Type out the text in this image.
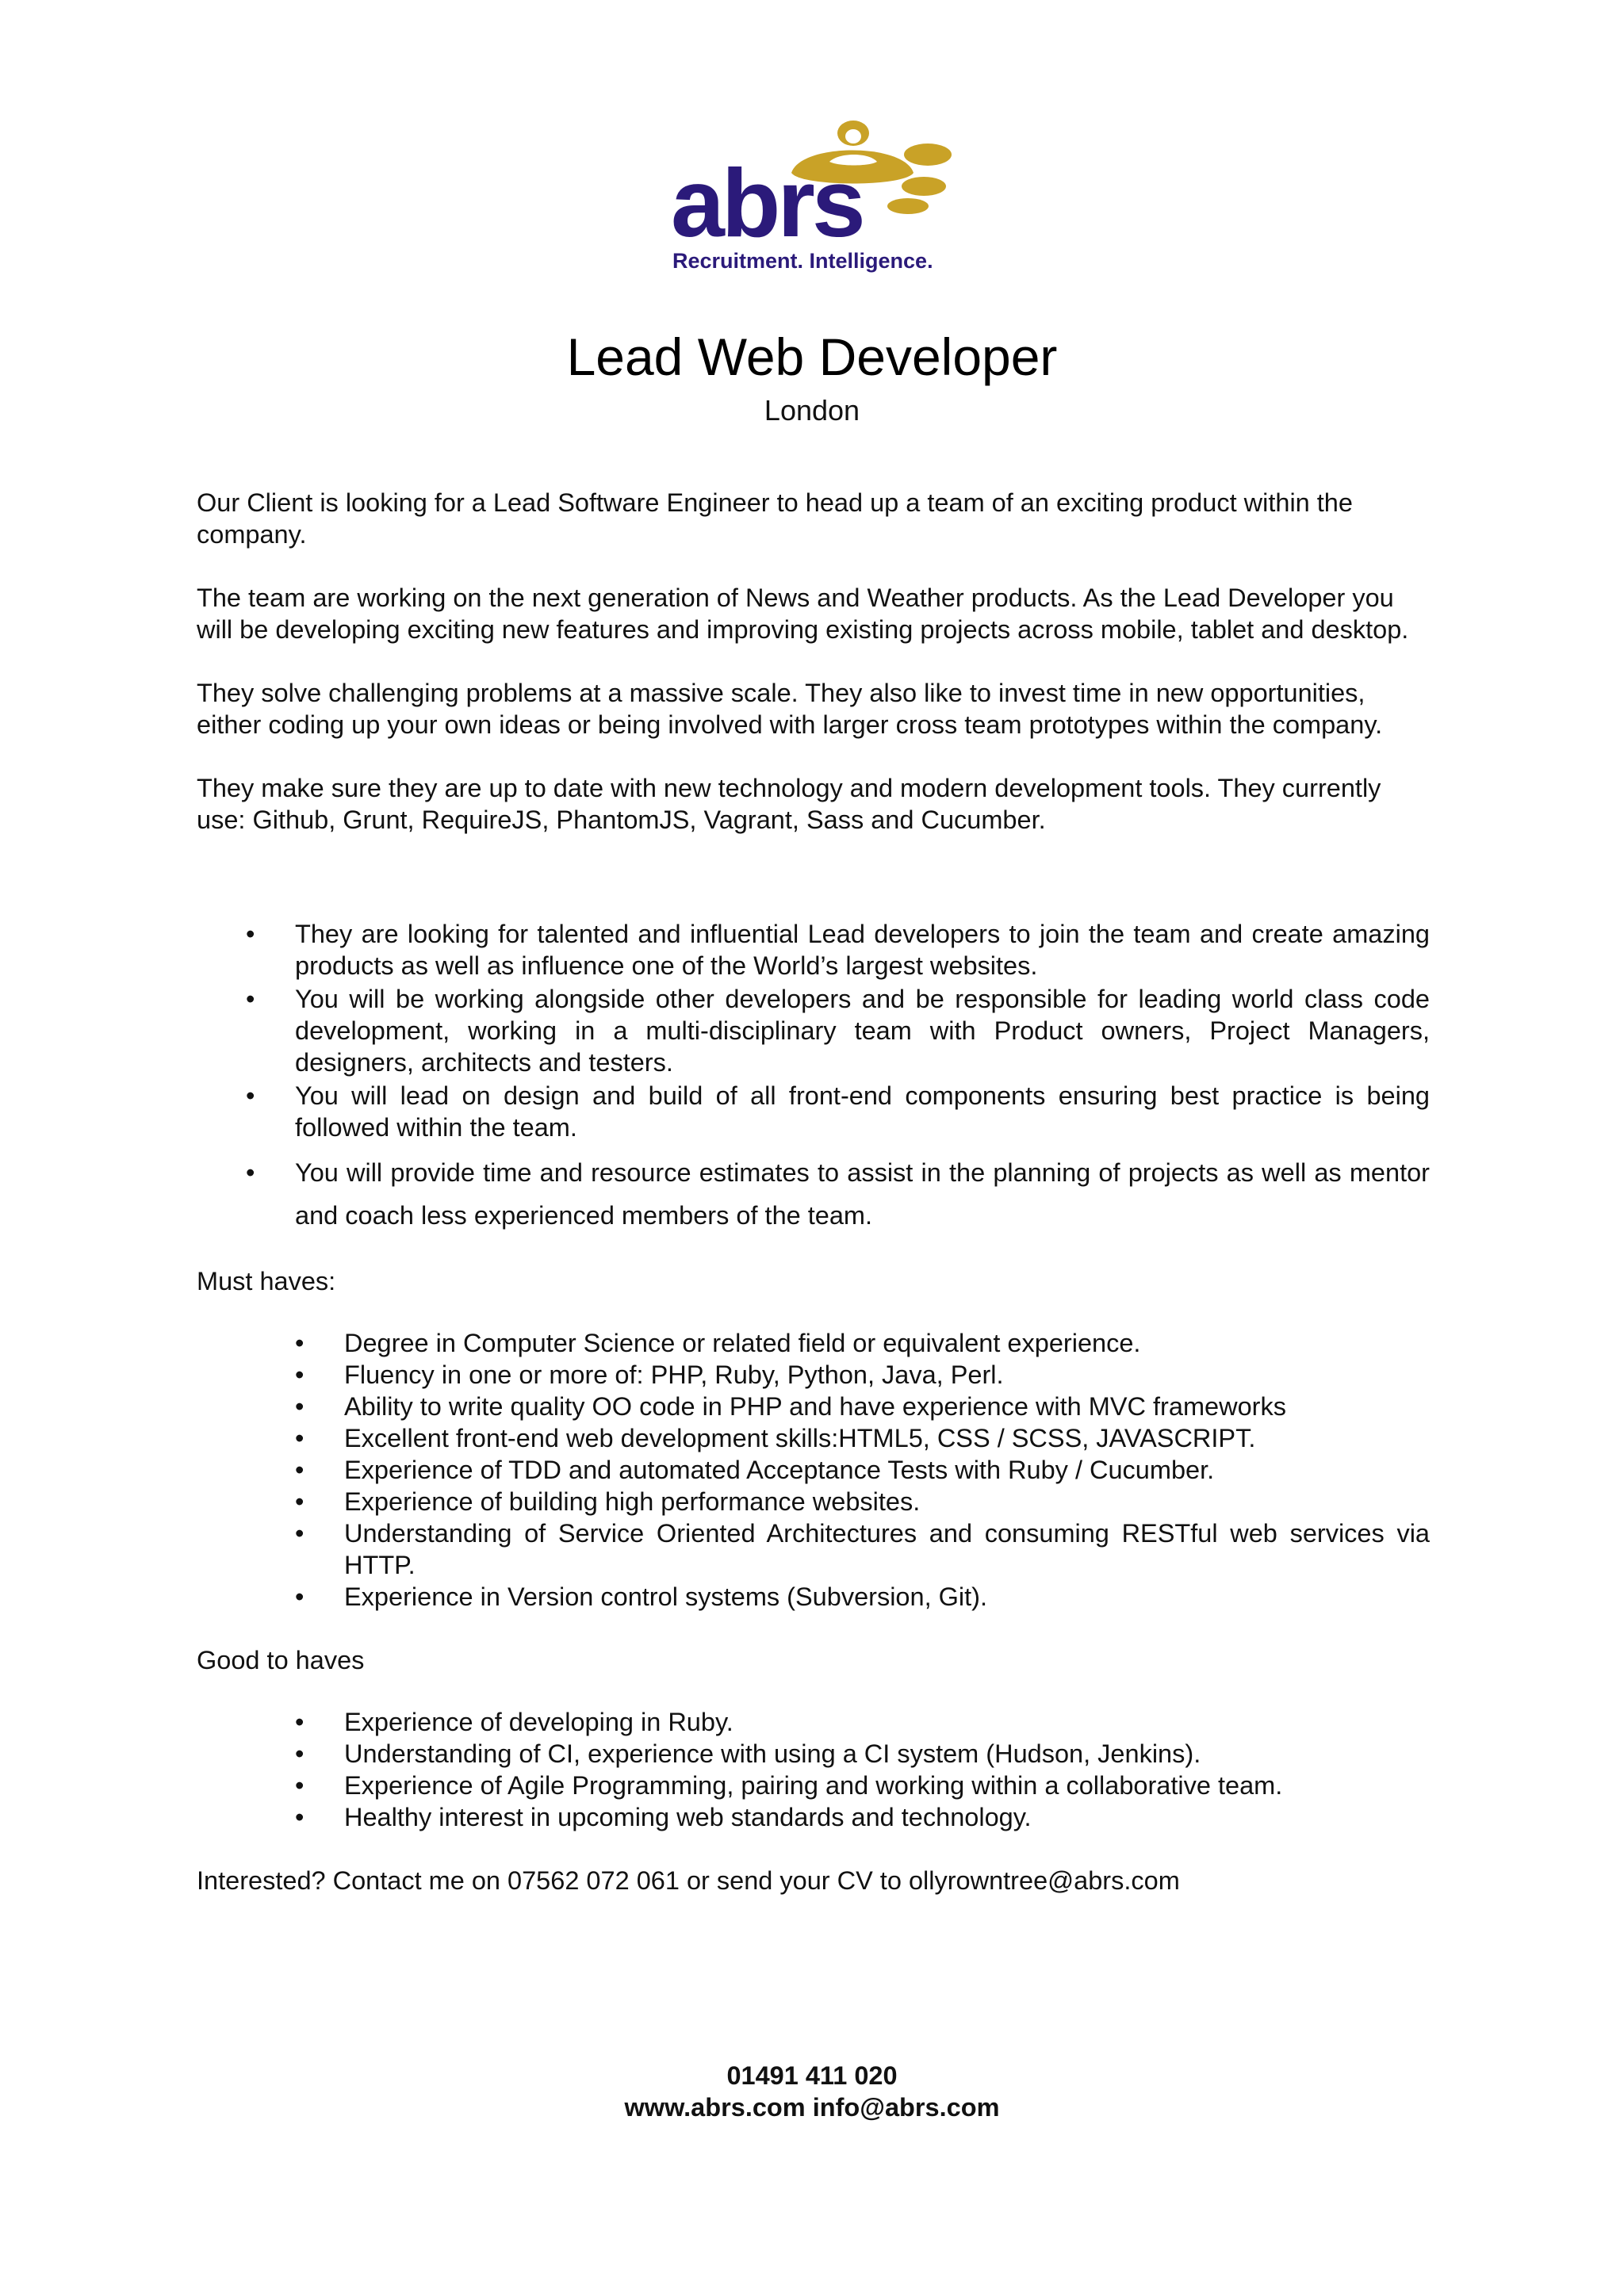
abrs
Recruitment. Intelligence.
Lead Web Developer
London

Our Client is looking for a Lead Software Engineer to head up a team of an exciting product within the company.

The team are working on the next generation of News and Weather products. As the Lead Developer you will be developing exciting new features and improving existing projects across mobile, tablet and desktop.

They solve challenging problems at a massive scale. They also like to invest time in new opportunities, either coding up your own ideas or being involved with larger cross team prototypes within the company.

They make sure they are up to date with new technology and modern development tools. They currently use: Github, Grunt, RequireJS, PhantomJS, Vagrant, Sass and Cucumber.

• They are looking for talented and influential Lead developers to join the team and create amazing products as well as influence one of the World’s largest websites.
• You will be working alongside other developers and be responsible for leading world class code development, working in a multi-disciplinary team with Product owners, Project Managers, designers, architects and testers.
• You will lead on design and build of all front-end components ensuring best practice is being followed within the team.
• You will provide time and resource estimates to assist in the planning of projects as well as mentor and coach less experienced members of the team.
Must haves:
• Degree in Computer Science or related field or equivalent experience.
• Fluency in one or more of: PHP, Ruby, Python, Java, Perl.
• Ability to write quality OO code in PHP and have experience with MVC frameworks
• Excellent front-end web development skills:HTML5, CSS / SCSS, JAVASCRIPT.
• Experience of TDD and automated Acceptance Tests with Ruby / Cucumber.
• Experience of building high performance websites.
• Understanding of Service Oriented Architectures and consuming RESTful web services via HTTP.
• Experience in Version control systems (Subversion, Git).
Good to haves
• Experience of developing in Ruby.
• Understanding of CI, experience with using a CI system (Hudson, Jenkins).
• Experience of Agile Programming, pairing and working within a collaborative team.
• Healthy interest in upcoming web standards and technology.
Interested? Contact me on 07562 072 061 or send your CV to ollyrowntree@abrs.com
01491 411 020
www.abrs.com info@abrs.com
